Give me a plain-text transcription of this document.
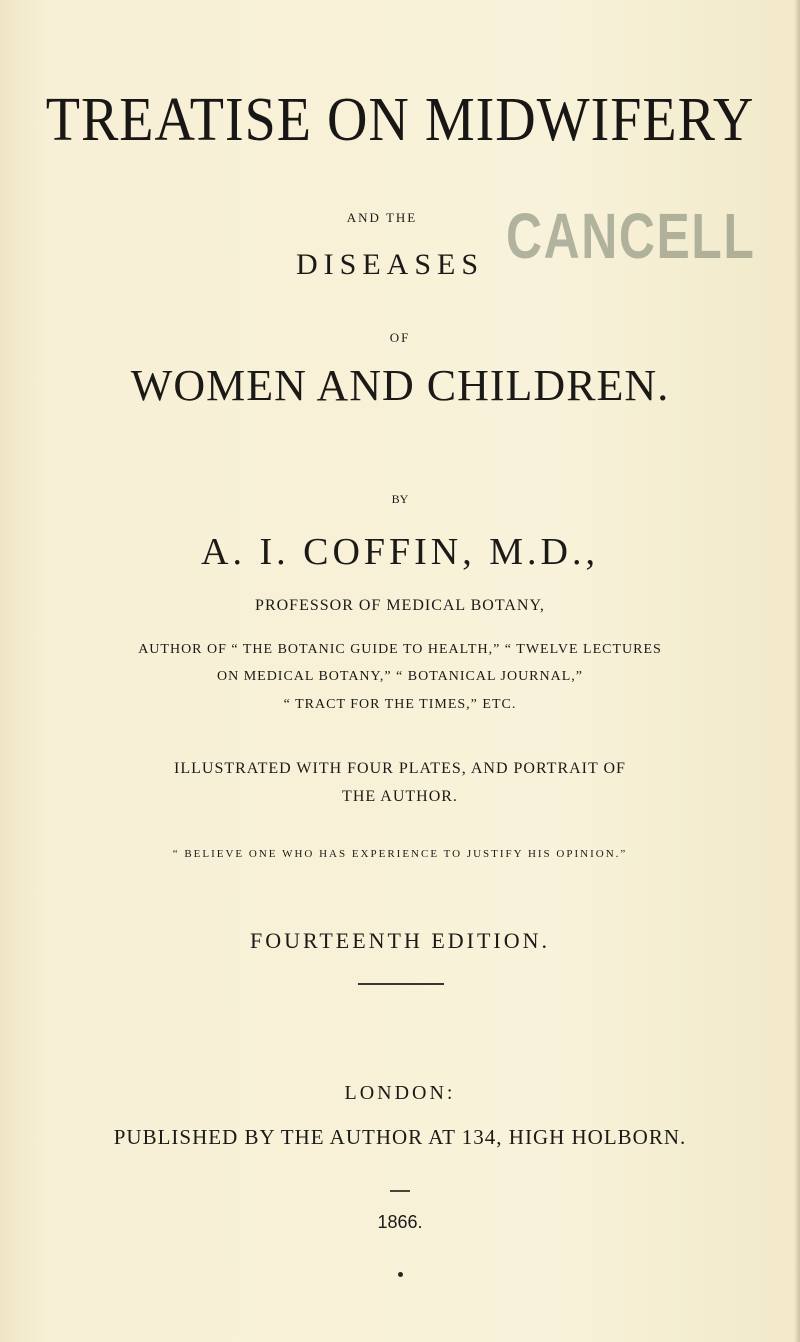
TREATISE ON MIDWIFERY

AND THE

DISEASES CANCELL

OF

WOMEN AND CHILDREN.

BY

A. I. COFFIN, M.D.,

PROFESSOR OF MEDICAL BOTANY,

AUTHOR OF “ THE BOTANIC GUIDE TO HEALTH,” “ TWELVE LECTURES

ON MEDICAL BOTANY,” “ BOTANICAL JOURNAL,”

“ TRACT FOR THE TIMES,” ETC.

ILLUSTRATED WITH FOUR PLATES, AND PORTRAIT OF

THE AUTHOR.

“ BELIEVE ONE WHO HAS EXPERIENCE TO JUSTIFY HIS OPINION.”

FOURTEENTH EDITION.

LONDON:

PUBLISHED BY THE AUTHOR AT 134, HIGH HOLBORN.

1866.
